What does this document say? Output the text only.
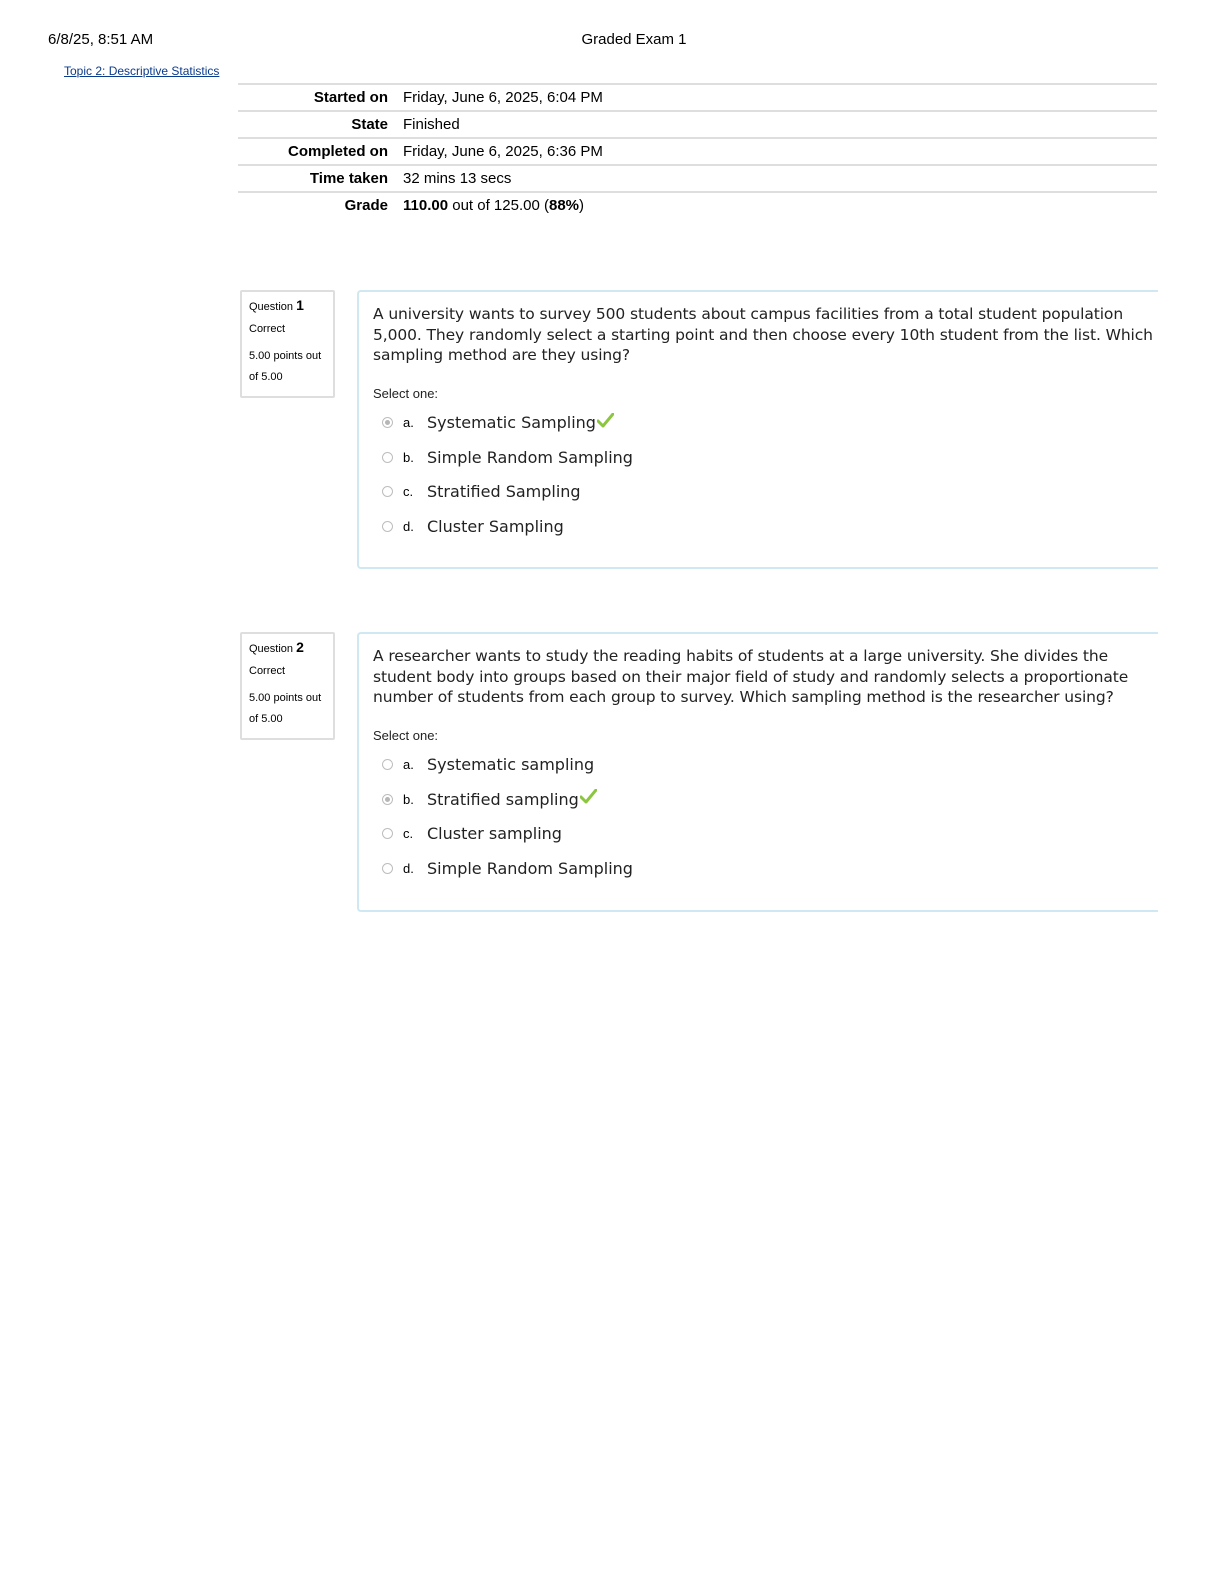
6/8/25, 8:51 AM	Graded Exam 1
Topic 2: Descriptive Statistics
Started on	Friday, June 6, 2025, 6:04 PM
State	Finished
Completed on	Friday, June 6, 2025, 6:36 PM
Time taken	32 mins 13 secs
Grade	110.00 out of 125.00 (88%)
Question 1
Correct
5.00 points out of 5.00

A university wants to survey 500 students about campus facilities from a total student population 5,000. They randomly select a starting point and then choose every 10th student from the list. Which sampling method are they using?

Select one:
a. Systematic Sampling
b. Simple Random Sampling
c. Stratified Sampling
d. Cluster Sampling
Question 2
Correct
5.00 points out of 5.00

A researcher wants to study the reading habits of students at a large university. She divides the student body into groups based on their major field of study and randomly selects a proportionate number of students from each group to survey. Which sampling method is the researcher using?

Select one:
a. Systematic sampling
b. Stratified sampling
c. Cluster sampling
d. Simple Random Sampling
